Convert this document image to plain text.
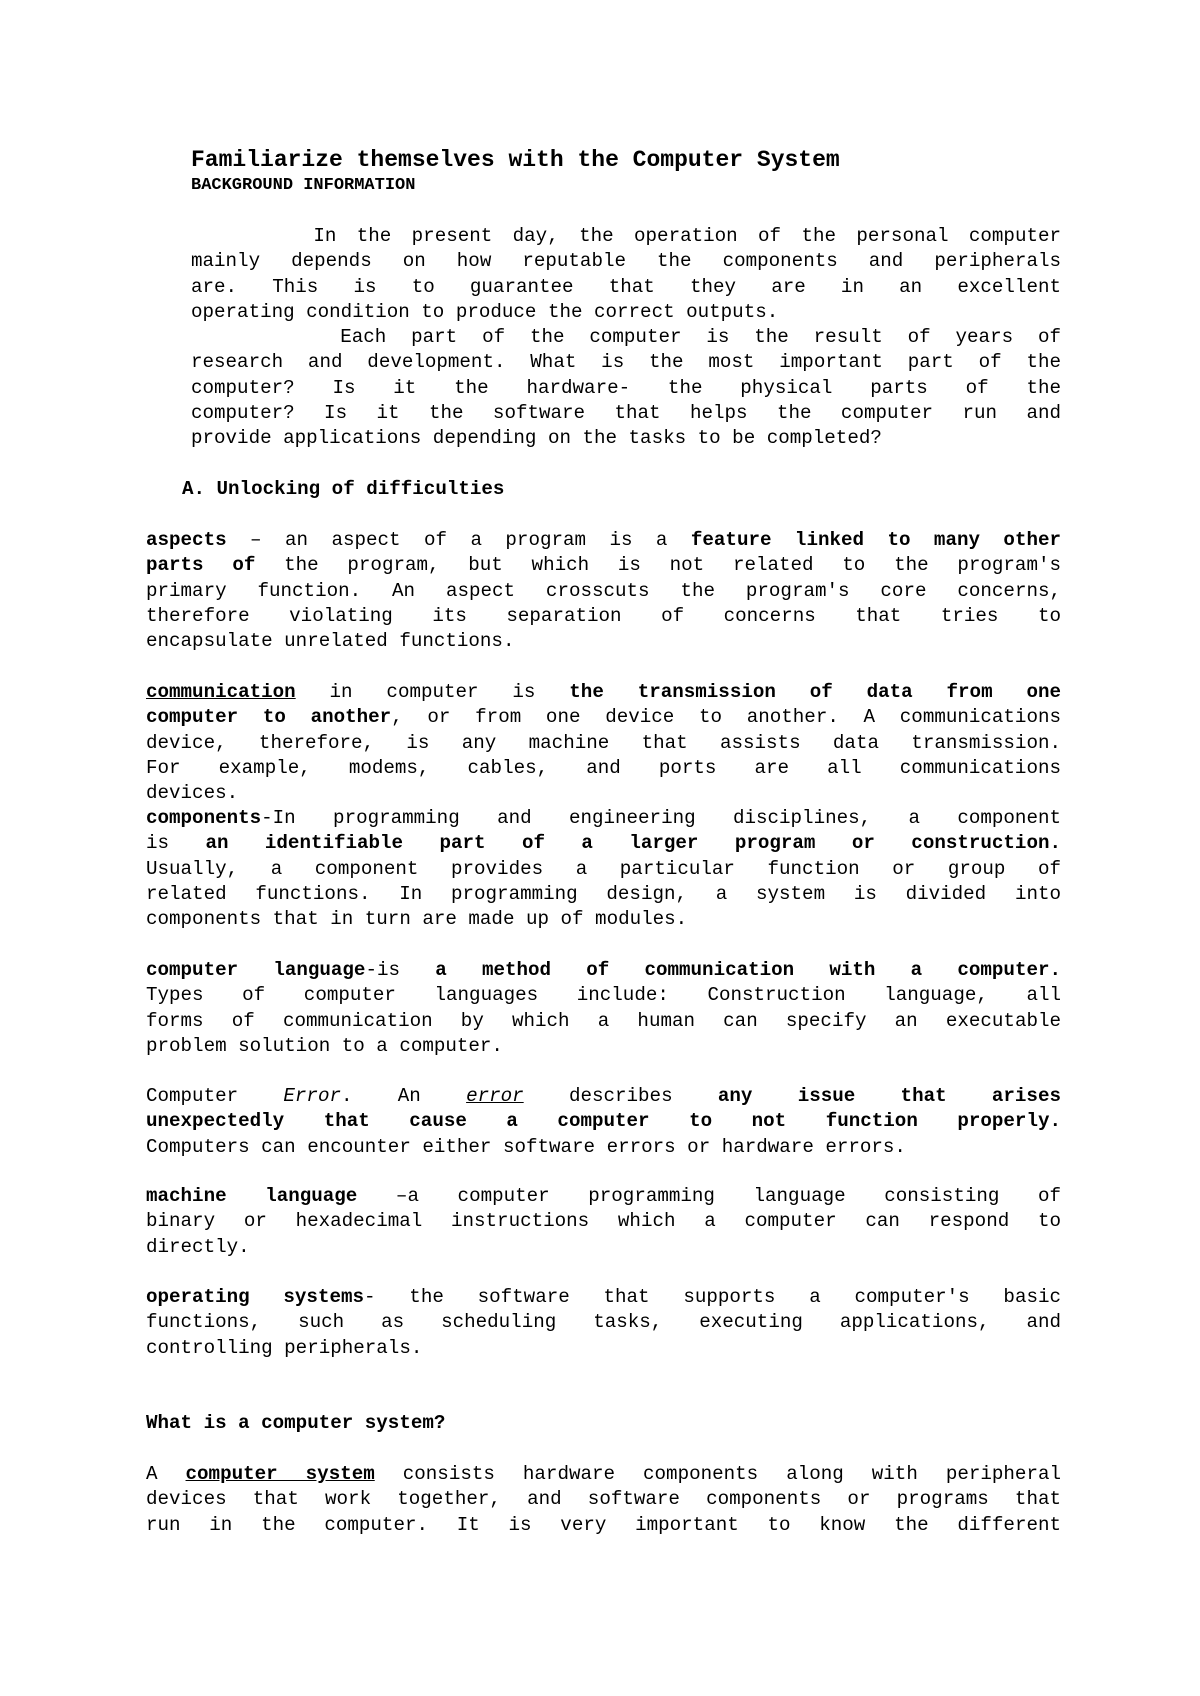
Familiarize themselves with the Computer System
BACKGROUND INFORMATION
In the present day, the operation of the personal computer
mainly depends on how reputable the components and peripherals
are. This is to guarantee that they are in an excellent
operating condition to produce the correct outputs.
Each part of the computer is the result of years of
research and development. What is the most important part of the
computer? Is it the hardware- the physical parts of the
computer? Is it the software that helps the computer run and
provide applications depending on the tasks to be completed?
A. Unlocking of difficulties
aspects – an aspect of a program is a feature linked to many other
parts of the program, but which is not related to the program's
primary function. An aspect crosscuts the program's core concerns,
therefore violating its separation of concerns that tries to
encapsulate unrelated functions.
communication in computer is the transmission of data from one
computer to another, or from one device to another. A communications
device, therefore, is any machine that assists data transmission.
For example, modems, cables, and ports are all communications
devices.
components-In programming and engineering disciplines, a component
is an identifiable part of a larger program or construction.
Usually, a component provides a particular function or group of
related functions. In programming design, a system is divided into
components that in turn are made up of modules.
computer language-is a method of communication with a computer.
Types of computer languages include: Construction language, all
forms of communication by which a human can specify an executable
problem solution to a computer.
Computer Error. An error describes any issue that arises
unexpectedly that cause a computer to not function properly.
Computers can encounter either software errors or hardware errors.
machine language –a computer programming language consisting of
binary or hexadecimal instructions which a computer can respond to
directly.
operating systems- the software that supports a computer's basic
functions, such as scheduling tasks, executing applications, and
controlling peripherals.
What is a computer system?
A computer system consists hardware components along with peripheral
devices that work together, and software components or programs that
run in the computer. It is very important to know the different
